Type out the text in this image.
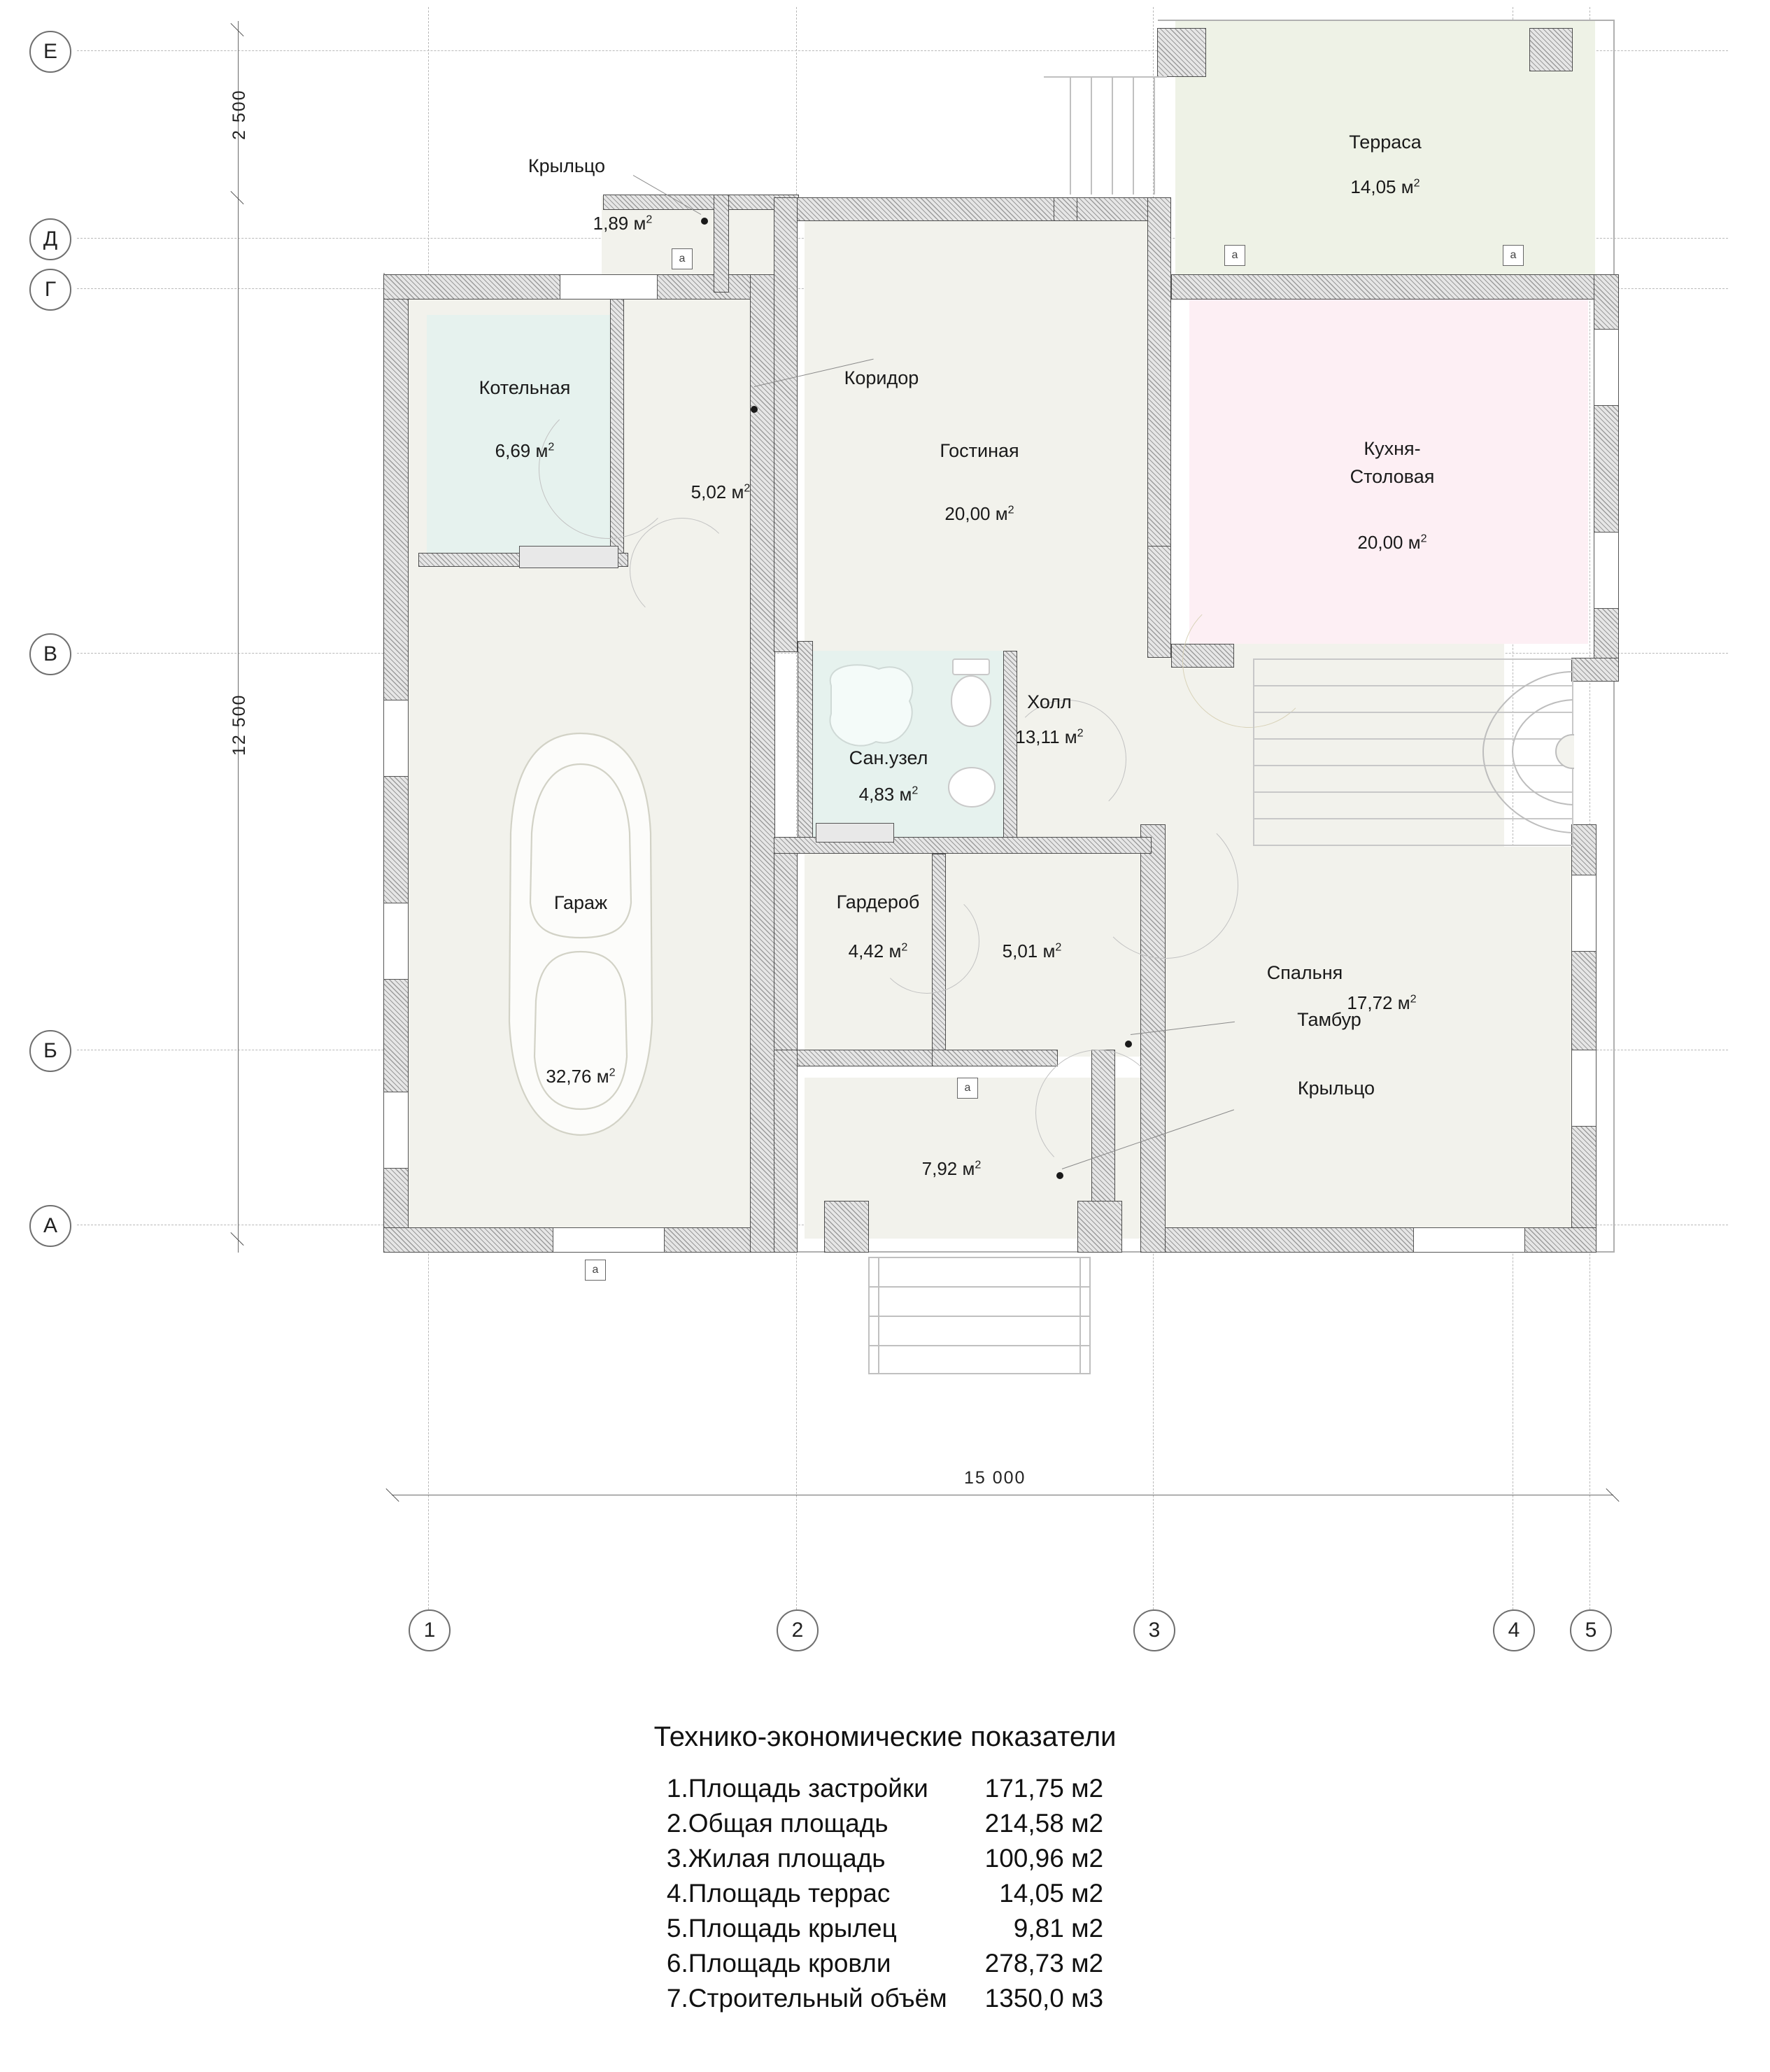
Е
Д
Г
В
Б
А
1	2	3	4	5
2 500
12 500
15 000
а	а	а
а
а
Терраса
14,05 $м^2$
Крыльцо
1,89 $м^2$
Котельная
6,69 $м^2$
Коридор
5,02 $м^2$
Гостиная
20,00 $м^2$
Кухня-
Столовая
20,00 $м^2$
Холл
13,11 $м^2$
Сан.узел
4,83 $м^2$
Гардероб
4,42 $м^2$
Тамбур
5,01 $м^2$
Гараж
32,76 $м^2$
Спальня
17,72 $м^2$
Крыльцо
7,92 $м^2$
Технико-экономические показатели
1.Площадь застройки	171,75 м2
2.Общая площадь	214,58 м2
3.Жилая площадь	100,96 м2
4.Площадь террас	14,05 м2
5.Площадь крылец	9,81 м2
6.Площадь кровли	278,73 м2
7.Строительный объём	1350,0 м3
